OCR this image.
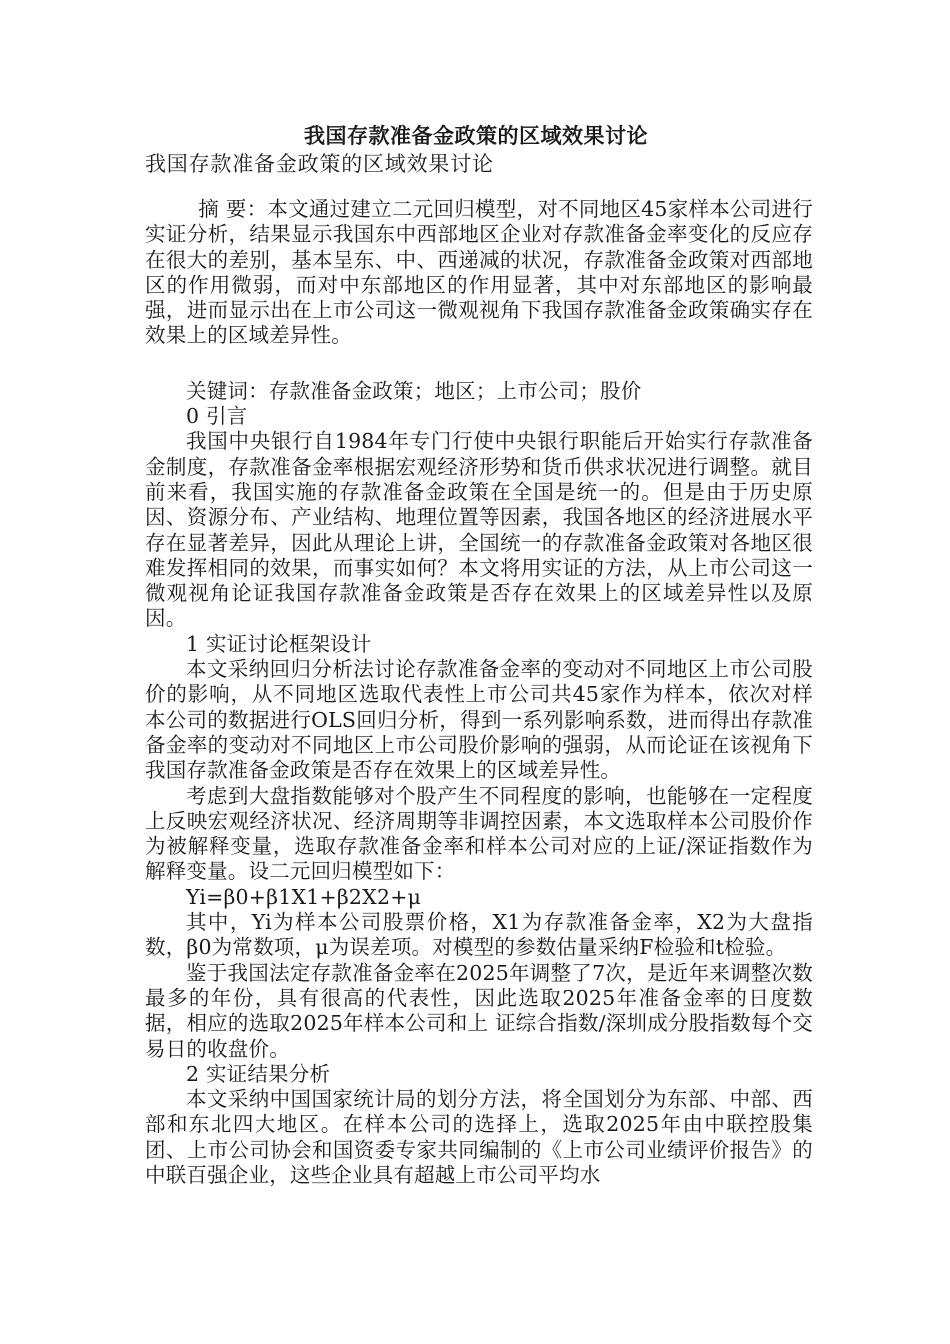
我国存款准备金政策的区域效果讨论
我国存款准备金政策的区域效果讨论

摘 要：本文通过建立二元回归模型，对不同地区45家样本公司进行实证分析，结果显示我国东中西部地区企业对存款准备金率变化的反应存在很大的差别，基本呈东、中、西递减的状况，存款准备金政策对西部地区的作用微弱，而对中东部地区的作用显著，其中对东部地区的影响最强，进而显示出在上市公司这一微观视角下我国存款准备金政策确实存在效果上的区域差异性。

关键词：存款准备金政策；地区；上市公司；股价

0 引言

我国中央银行自1984年专门行使中央银行职能后开始实行存款准备金制度，存款准备金率根据宏观经济形势和货币供求状况进行调整。就目前来看，我国实施的存款准备金政策在全国是统一的。但是由于历史原因、资源分布、产业结构、地理位置等因素，我国各地区的经济进展水平存在显著差异，因此从理论上讲，全国统一的存款准备金政策对各地区很难发挥相同的效果，而事实如何？本文将用实证的方法，从上市公司这一微观视角论证我国存款准备金政策是否存在效果上的区域差异性以及原因。

1 实证讨论框架设计

本文采纳回归分析法讨论存款准备金率的变动对不同地区上市公司股价的影响，从不同地区选取代表性上市公司共45家作为样本，依次对样本公司的数据进行OLS回归分析，得到一系列影响系数，进而得出存款准备金率的变动对不同地区上市公司股价影响的强弱，从而论证在该视角下我国存款准备金政策是否存在效果上的区域差异性。

考虑到大盘指数能够对个股产生不同程度的影响，也能够在一定程度上反映宏观经济状况、经济周期等非调控因素，本文选取样本公司股价作为被解释变量，选取存款准备金率和样本公司对应的上证/深证指数作为解释变量。设二元回归模型如下：

Yi=β0+β1X1+β2X2+μ

其中，Yi为样本公司股票价格，X1为存款准备金率，X2为大盘指数，β0为常数项，μ为误差项。对模型的参数估量采纳F检验和t检验。

鉴于我国法定存款准备金率在2025年调整了7次，是近年来调整次数最多的年份，具有很高的代表性，因此选取2025年准备金率的日度数据，相应的选取2025年样本公司和上 证综合指数/深圳成分股指数每个交易日的收盘价。

2 实证结果分析

本文采纳中国国家统计局的划分方法，将全国划分为东部、中部、西部和东北四大地区。在样本公司的选择上，选取2025年由中联控股集团、上市公司协会和国资委专家共同编制的《上市公司业绩评价报告》的中联百强企业，这些企业具有超越上市公司平均水
